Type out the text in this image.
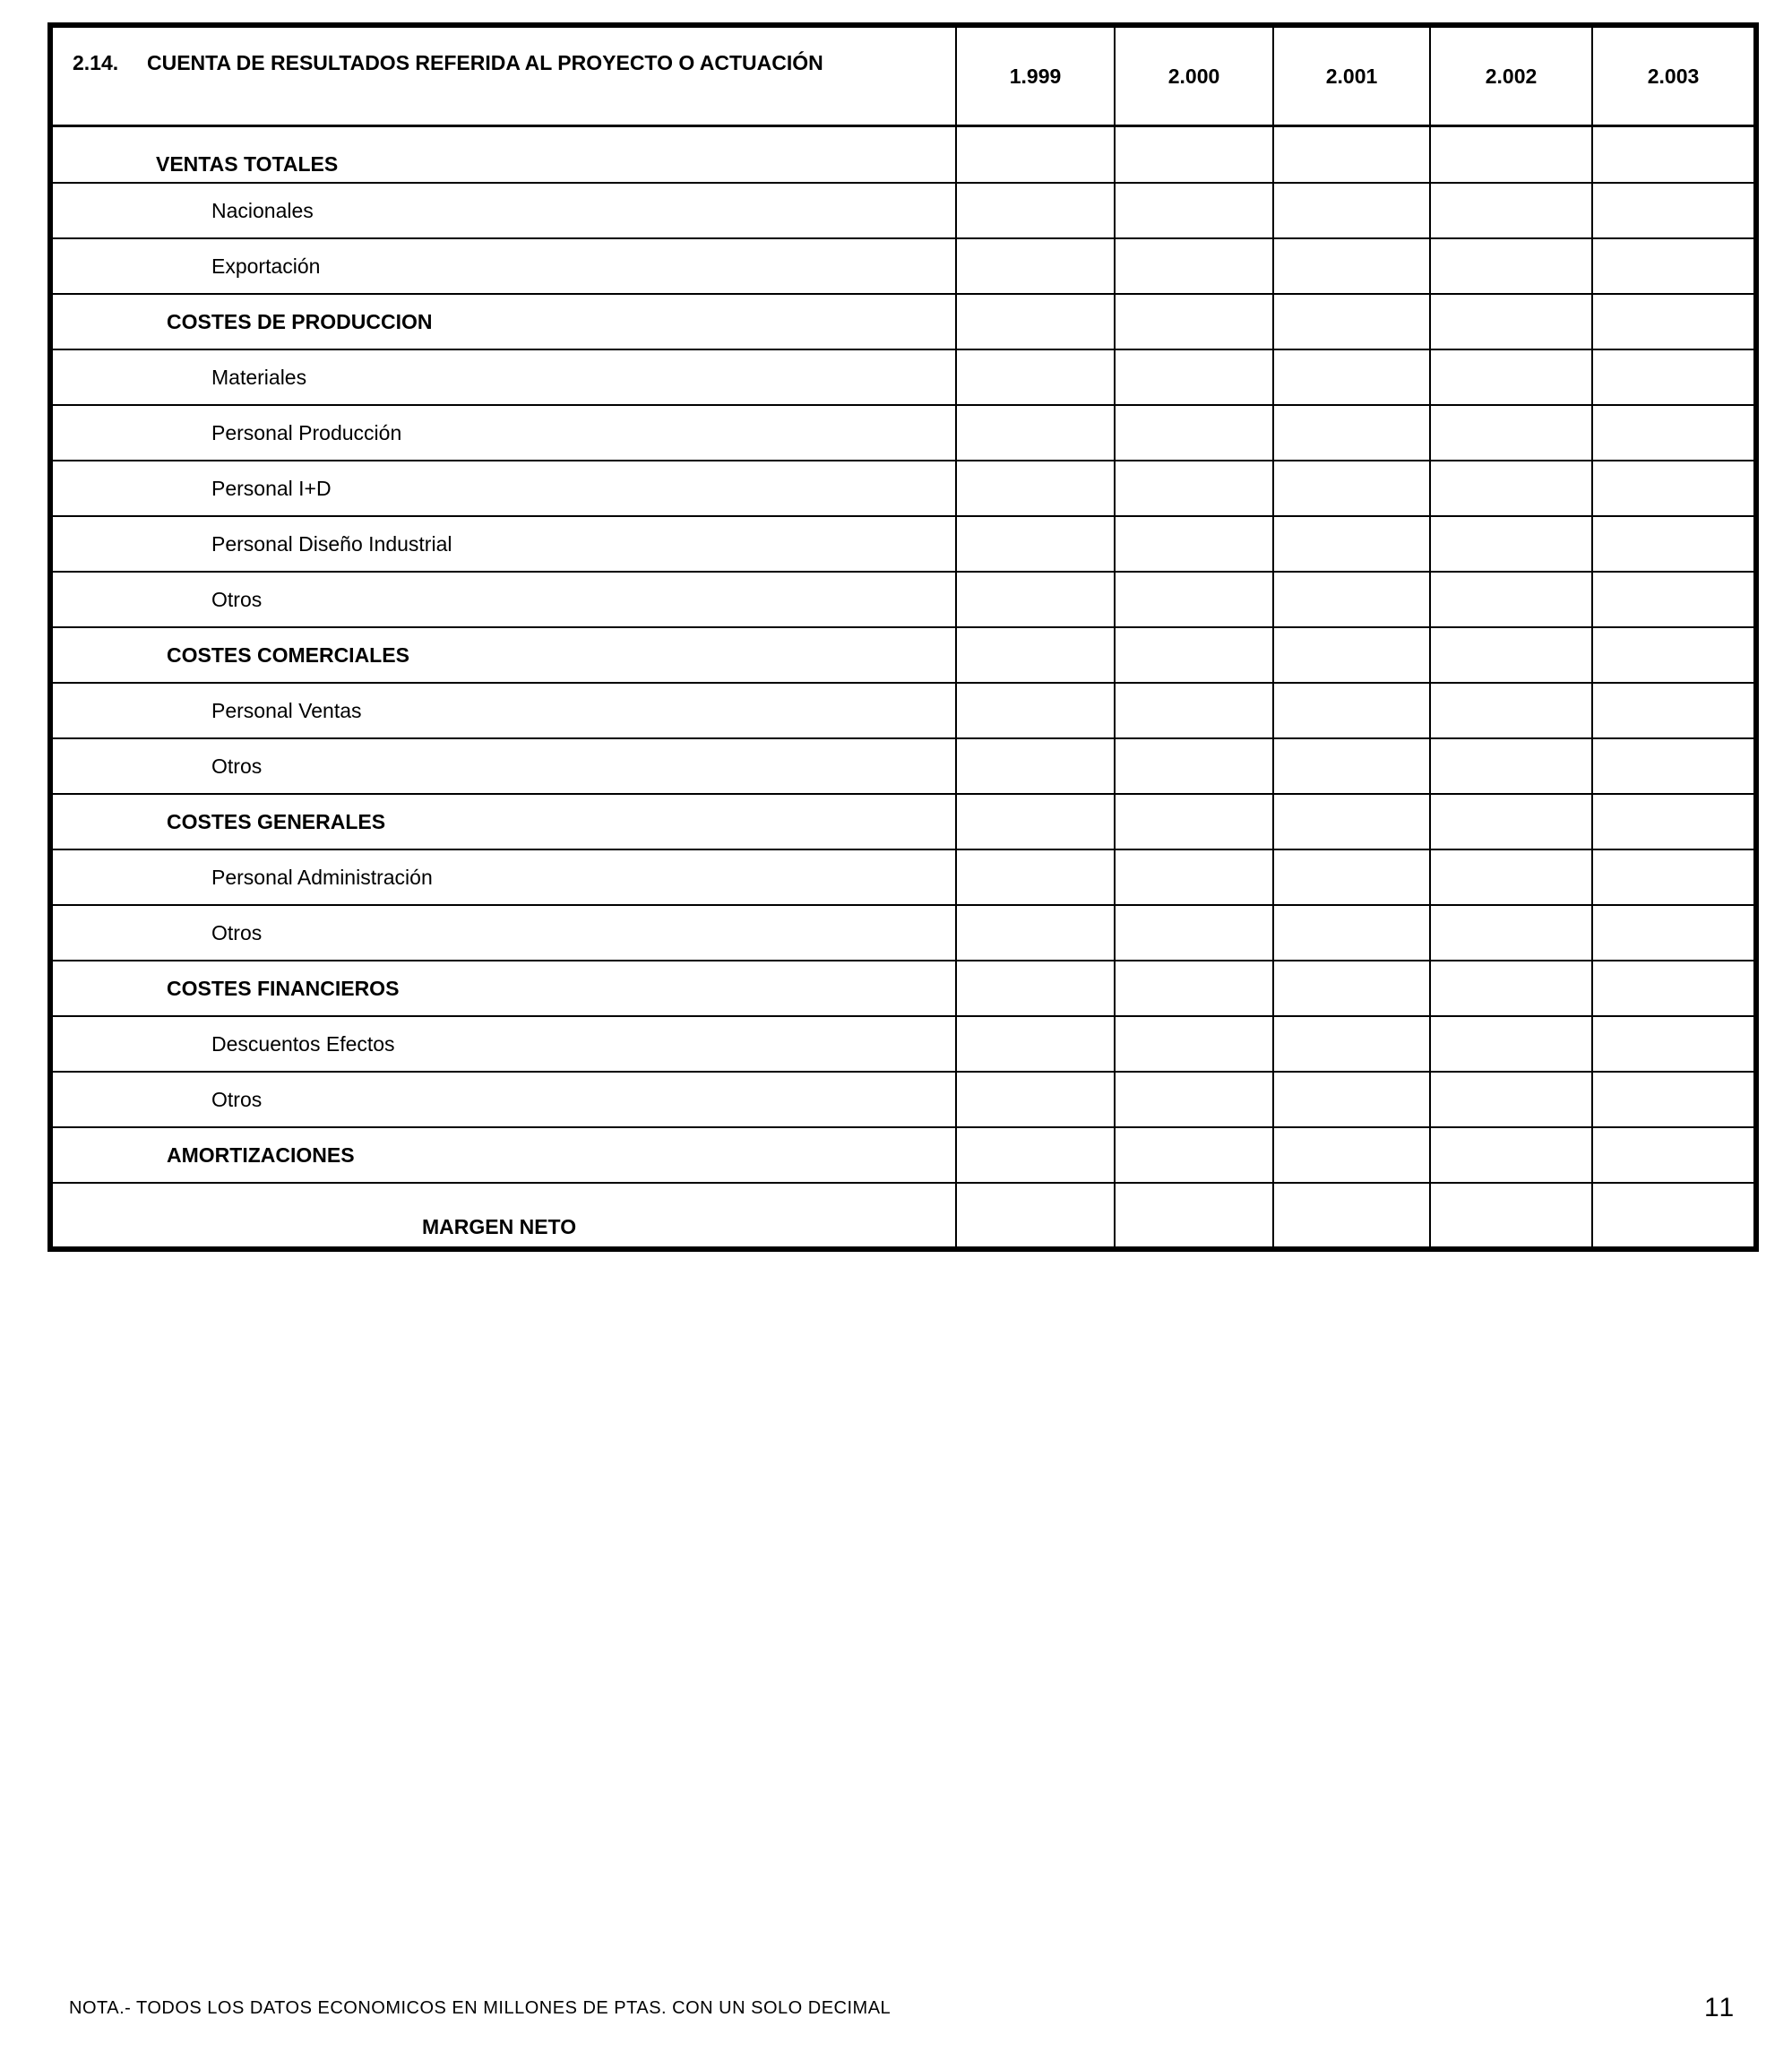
2.14. CUENTA DE RESULTADOS REFERIDA AL PROYECTO O ACTUACIÓN	1.999	2.000	2.001	2.002	2.003
VENTAS TOTALES					
Nacionales					
Exportación					
COSTES DE PRODUCCION					
Materiales					
Personal Producción					
Personal I+D					
Personal Diseño Industrial					
Otros					
COSTES COMERCIALES					
Personal Ventas					
Otros					
COSTES GENERALES					
Personal Administración					
Otros					
COSTES FINANCIEROS					
Descuentos Efectos					
Otros					
AMORTIZACIONES					
MARGEN NETO					
NOTA.- TODOS LOS DATOS ECONOMICOS EN MILLONES DE PTAS. CON UN SOLO DECIMAL	11
